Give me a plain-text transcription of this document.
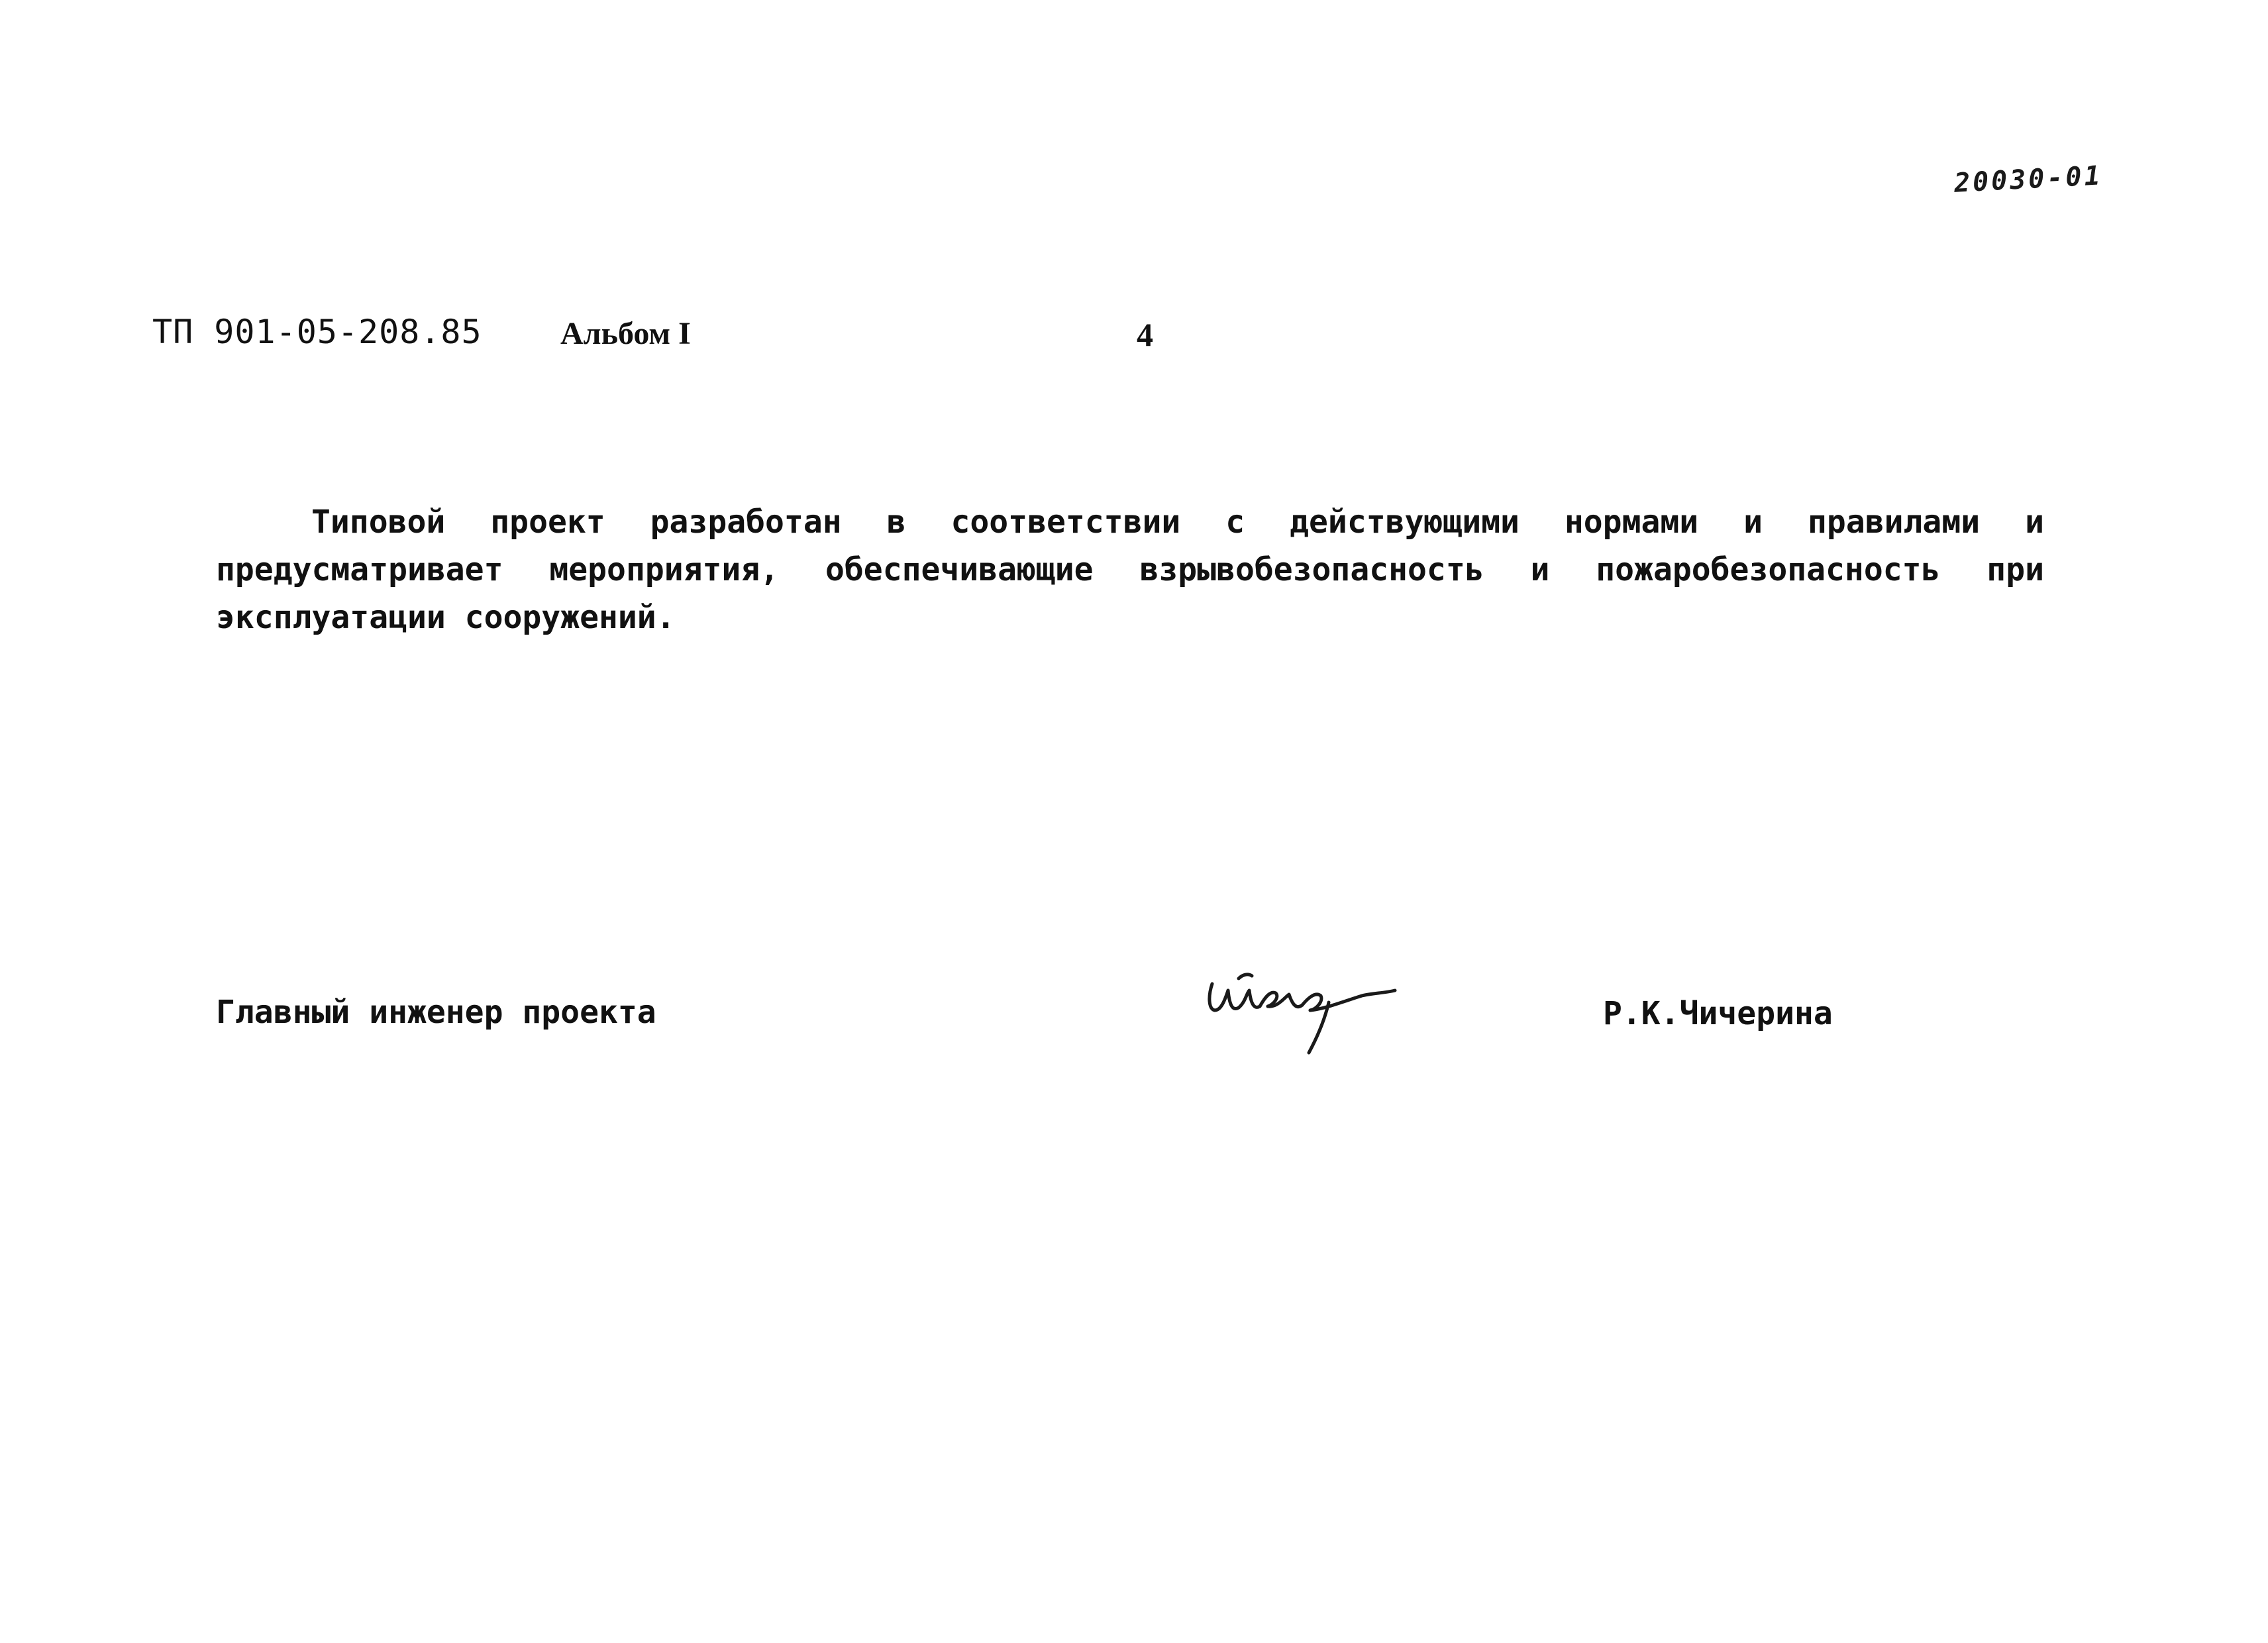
20030-01
ТП 901-05-208.85 Альбом I	4
Типовой проект разработан в соответствии с действующими нормами и правилами и предусматривает мероприятия, обеспечивающие взрывобезопасность и пожаробезопасность при эксплуатации сооружений.
Главный инженер проекта	Р.К.Чичерина
